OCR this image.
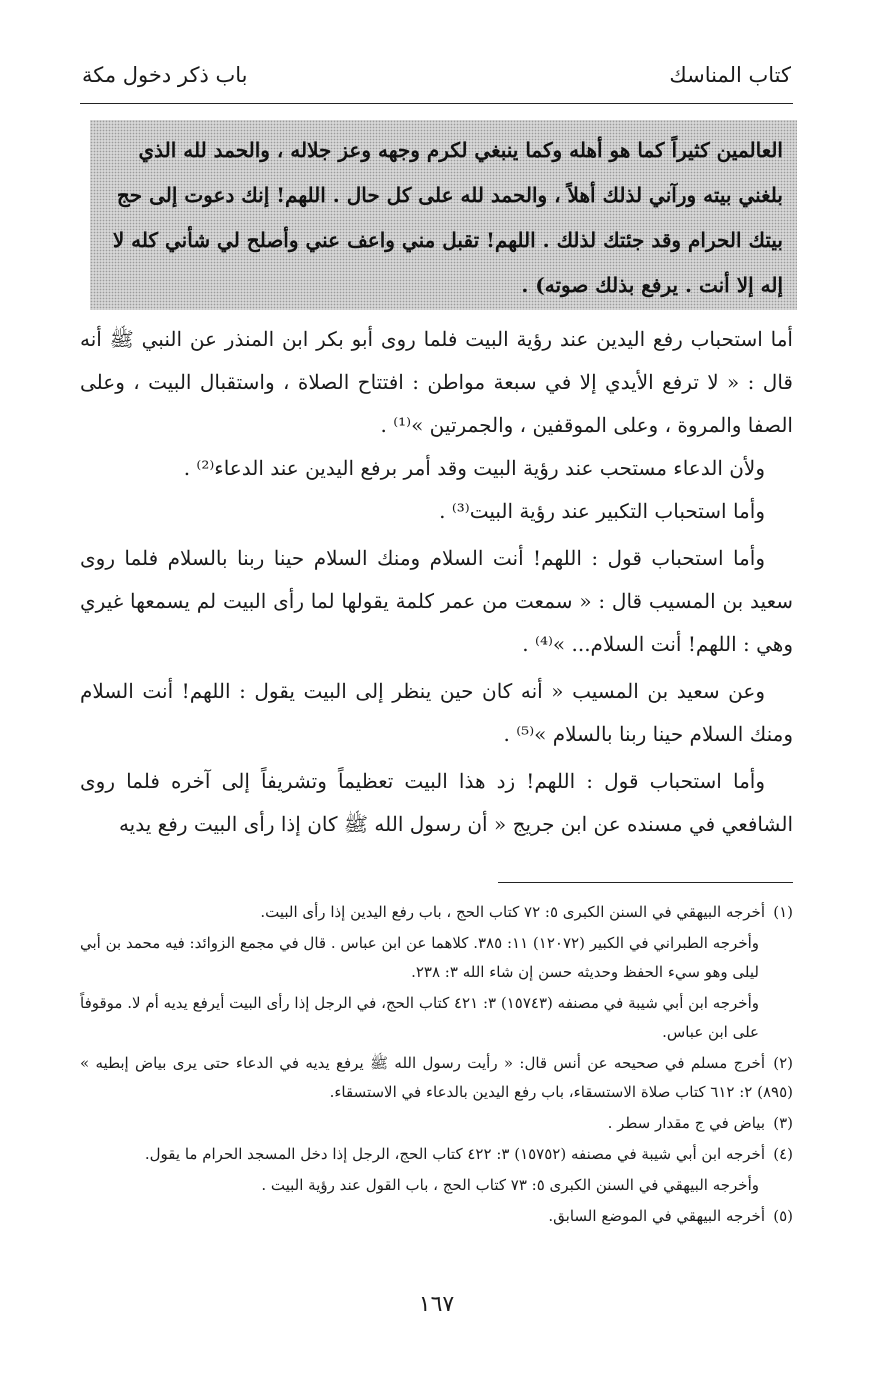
كتاب المناسك
باب ذكر دخول مكة
العالمين كثيراً كما هو أهله وكما ينبغي لكرم وجهه وعز جلاله ، والحمد لله الذي
بلغني بيته ورآني لذلك أهلاً ، والحمد لله على كل حال . اللهم! إنك دعوت إلى حج
بيتك الحرام وقد جئتك لذلك . اللهم! تقبل مني واعف عني وأصلح لي شأني كله لا
إله إلا أنت . يرفع بذلك صوته) .

أما استحباب رفع اليدين عند رؤية البيت فلما روى أبو بكر ابن المنذر عن النبي ﷺ أنه قال : « لا ترفع الأيدي إلا في سبعة مواطن : افتتاح الصلاة ، واستقبال البيت ، وعلى الصفا والمروة ، وعلى الموقفين ، والجمرتين »⁽¹⁾ .

ولأن الدعاء مستحب عند رؤية البيت وقد أمر برفع اليدين عند الدعاء⁽²⁾ .

وأما استحباب التكبير عند رؤية البيت⁽³⁾ .

وأما استحباب قول : اللهم! أنت السلام ومنك السلام حينا ربنا بالسلام فلما روى سعيد بن المسيب قال : « سمعت من عمر كلمة يقولها لما رأى البيت لم يسمعها غيري وهي : اللهم! أنت السلام... »⁽⁴⁾ .

وعن سعيد بن المسيب « أنه كان حين ينظر إلى البيت يقول : اللهم! أنت السلام ومنك السلام حينا ربنا بالسلام »⁽⁵⁾ .

وأما استحباب قول : اللهم! زد هذا البيت تعظيماً وتشريفاً إلى آخره فلما روى الشافعي في مسنده عن ابن جريج « أن رسول الله ﷺ كان إذا رأى البيت رفع يديه

(١)أخرجه البيهقي في السنن الكبرى ٥: ٧٢ كتاب الحج ، باب رفع اليدين إذا رأى البيت.

وأخرجه الطبراني في الكبير (١٢٠٧٢) ١١: ٣٨٥. كلاهما عن ابن عباس . قال في مجمع الزوائد: فيه محمد بن أبي ليلى وهو سيء الحفظ وحديثه حسن إن شاء الله ٣: ٢٣٨.

وأخرجه ابن أبي شيبة في مصنفه (١٥٧٤٣) ٣: ٤٢١ كتاب الحج، في الرجل إذا رأى البيت أيرفع يديه أم لا. موقوفاً على ابن عباس.

(٢)أخرج مسلم في صحيحه عن أنس قال: « رأيت رسول الله ﷺ يرفع يديه في الدعاء حتى يرى بياض إبطيه » (٨٩٥) ٢: ٦١٢ كتاب صلاة الاستسقاء، باب رفع اليدين بالدعاء في الاستسقاء.

(٣)بياض في ج مقدار سطر .

(٤)أخرجه ابن أبي شيبة في مصنفه (١٥٧٥٢) ٣: ٤٢٢ كتاب الحج، الرجل إذا دخل المسجد الحرام ما يقول.

وأخرجه البيهقي في السنن الكبرى ٥: ٧٣ كتاب الحج ، باب القول عند رؤية البيت .

(٥)أخرجه البيهقي في الموضع السابق.

١٦٧
